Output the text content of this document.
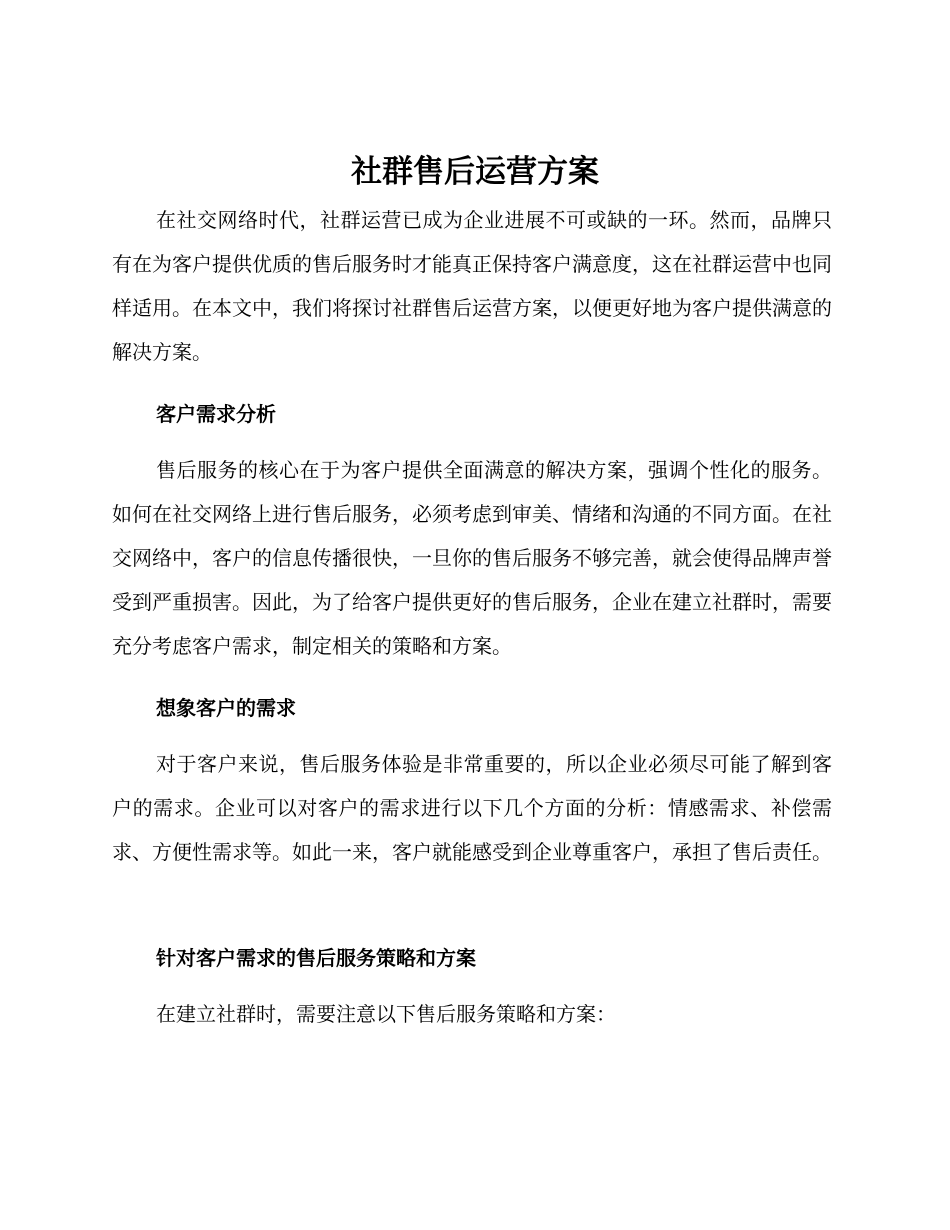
社群售后运营方案

在社交网络时代，社群运营已成为企业进展不可或缺的一环。然而，品牌只有在为客户提供优质的售后服务时才能真正保持客户满意度，这在社群运营中也同样适用。在本文中，我们将探讨社群售后运营方案，以便更好地为客户提供满意的解决方案。

客户需求分析

售后服务的核心在于为客户提供全面满意的解决方案，强调个性化的服务。如何在社交网络上进行售后服务，必须考虑到审美、情绪和沟通的不同方面。在社交网络中，客户的信息传播很快，一旦你的售后服务不够完善，就会使得品牌声誉受到严重损害。因此，为了给客户提供更好的售后服务，企业在建立社群时，需要充分考虑客户需求，制定相关的策略和方案。

想象客户的需求

对于客户来说，售后服务体验是非常重要的，所以企业必须尽可能了解到客户的需求。企业可以对客户的需求进行以下几个方面的分析：情感需求、补偿需求、方便性需求等。如此一来，客户就能感受到企业尊重客户，承担了售后责任。

针对客户需求的售后服务策略和方案

在建立社群时，需要注意以下售后服务策略和方案：
